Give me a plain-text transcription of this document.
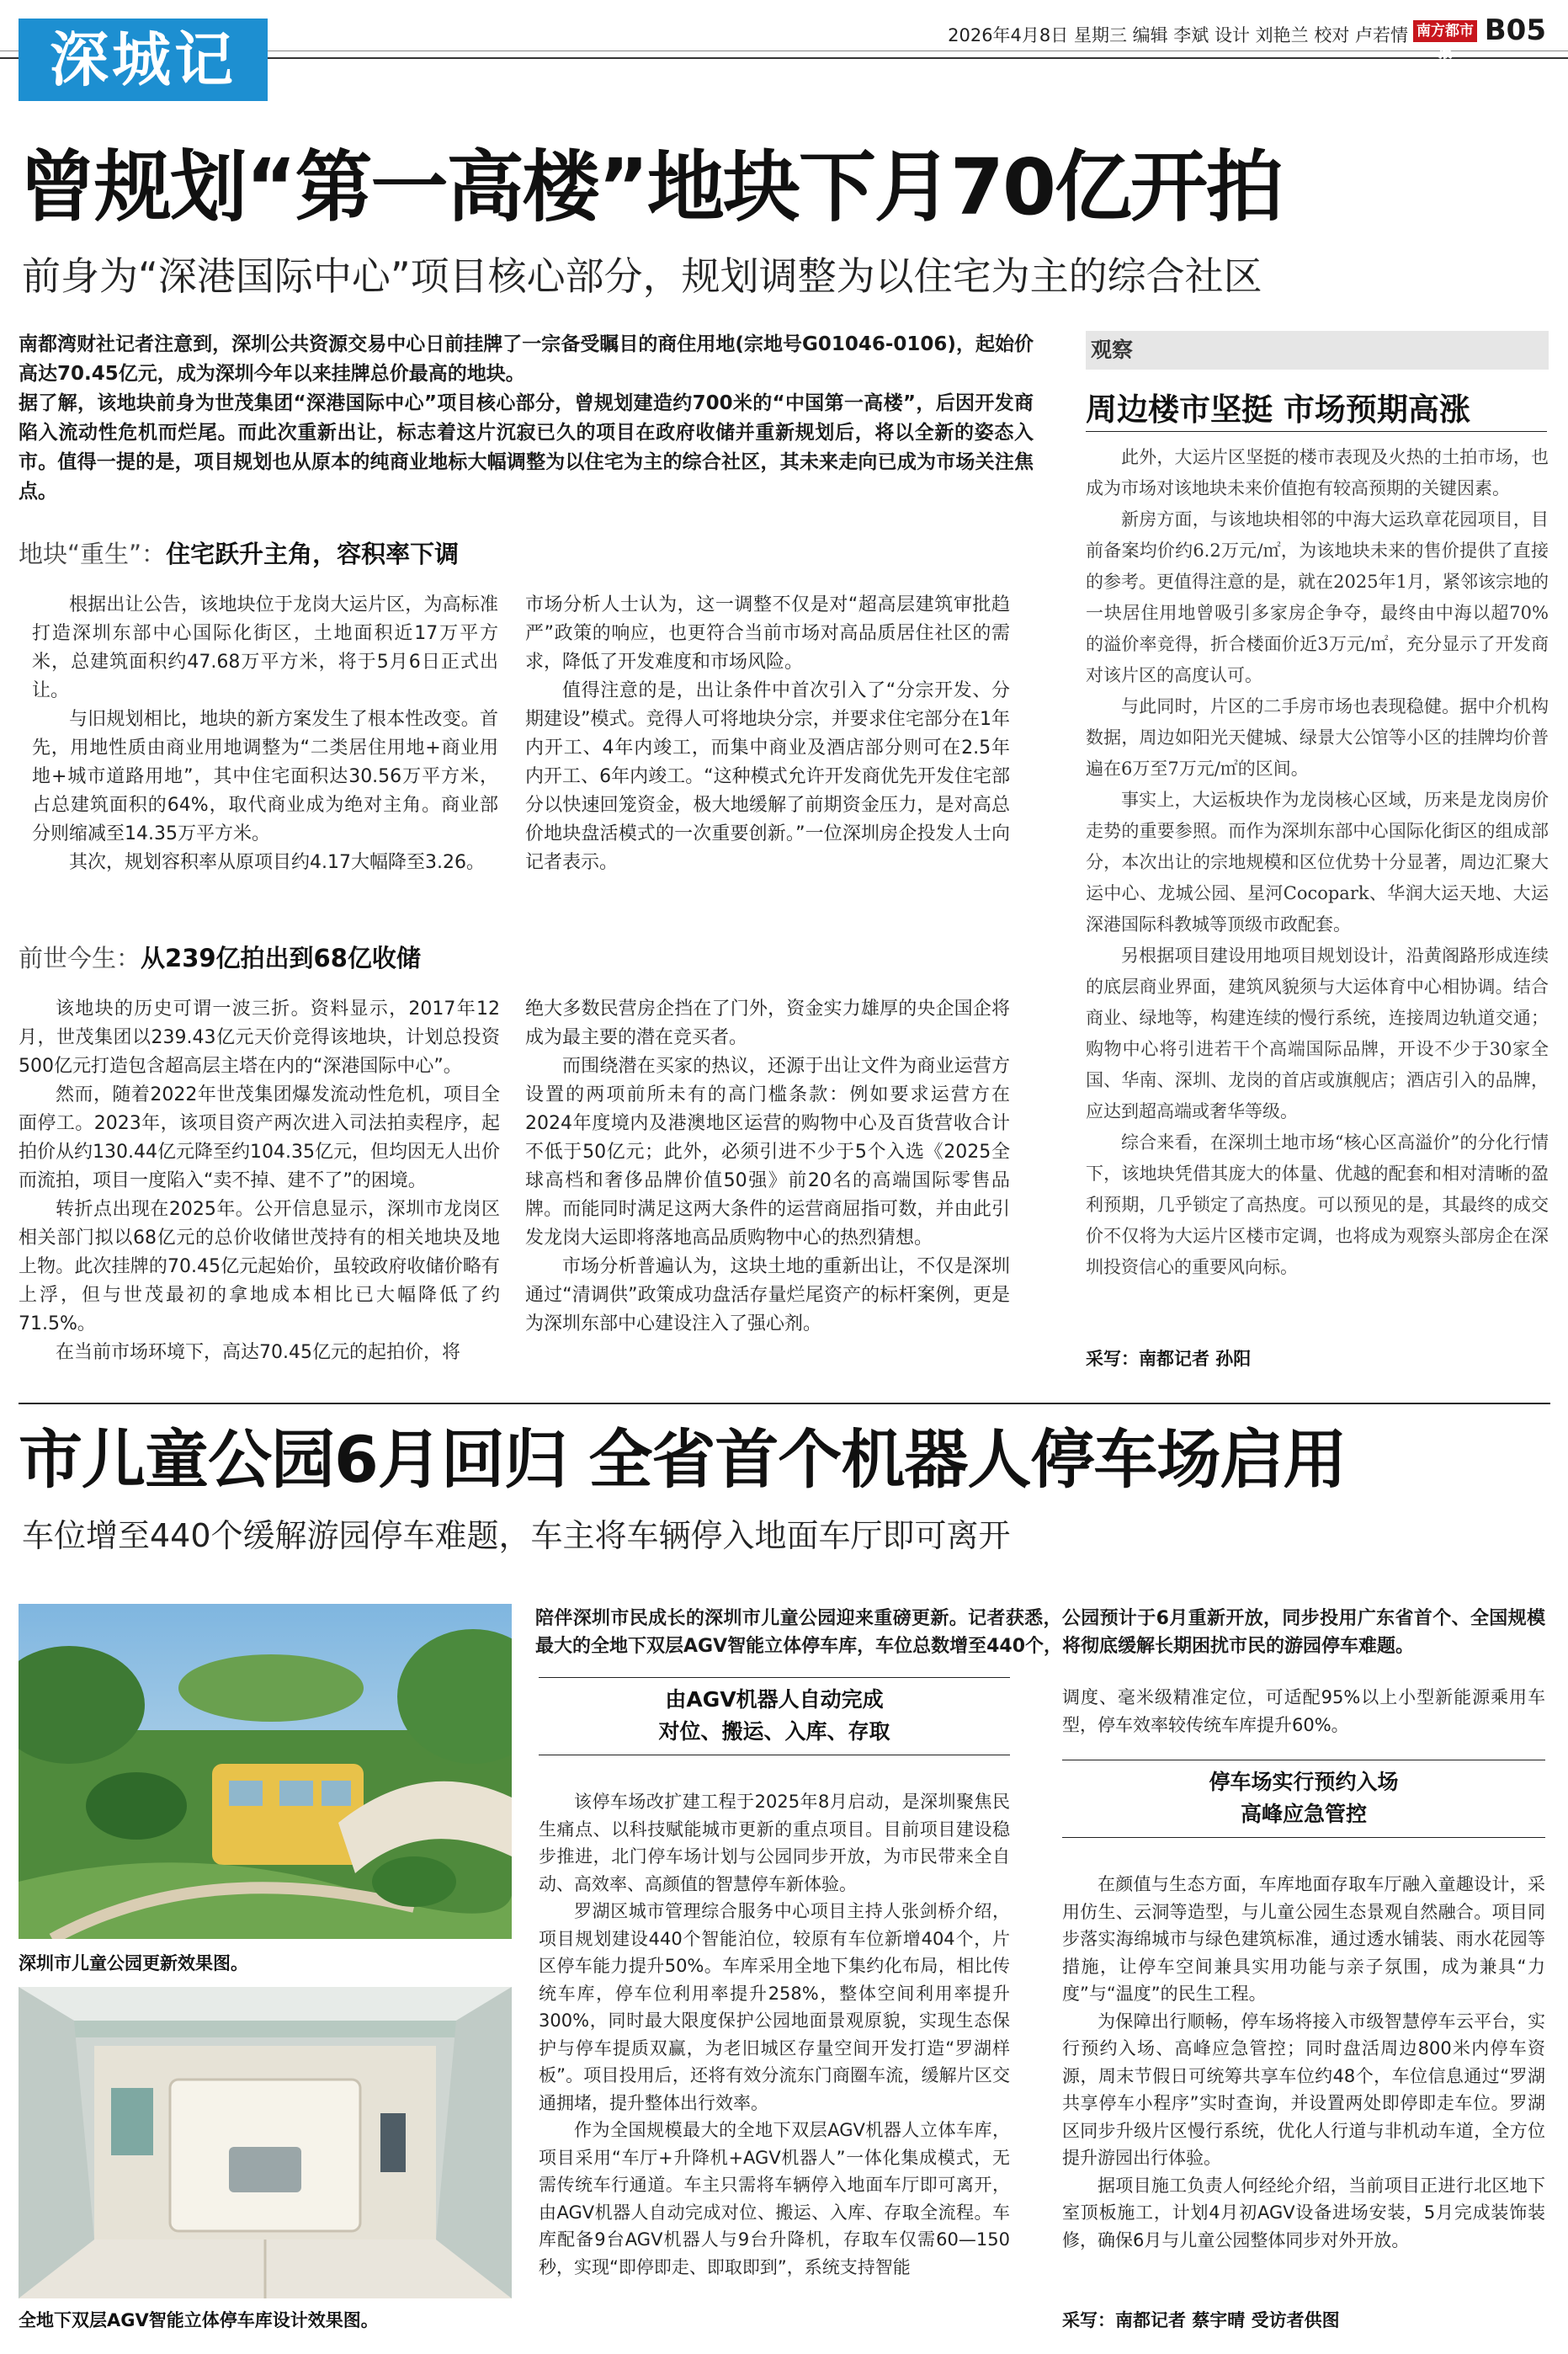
深城记	2026年4月8日 星期三 编辑 李斌 设计 刘艳兰 校对 卢若情 南方都市报
B05
曾规划“第一高楼”地块下月70亿开拍
前身为“深港国际中心”项目核心部分，规划调整为以住宅为主的综合社区

南都湾财社记者注意到，深圳公共资源交易中心日前挂牌了一宗备受瞩目的商住用地(宗地号G01046-0106)，起始价高达70.45亿元，成为深圳今年以来挂牌总价最高的地块。

据了解，该地块前身为世茂集团“深港国际中心”项目核心部分，曾规划建造约700米的“中国第一高楼”，后因开发商陷入流动性危机而烂尾。而此次重新出让，标志着这片沉寂已久的项目在政府收储并重新规划后，将以全新的姿态入市。值得一提的是，项目规划也从原本的纯商业地标大幅调整为以住宅为主的综合社区，其未来走向已成为市场关注焦点。

地块“重生”：住宅跃升主角，容积率下调

根据出让公告，该地块位于龙岗大运片区，为高标准打造深圳东部中心国际化街区，土地面积近17万平方米，总建筑面积约47.68万平方米，将于5月6日正式出让。

与旧规划相比，地块的新方案发生了根本性改变。首先，用地性质由商业用地调整为“二类居住用地+商业用地+城市道路用地”，其中住宅面积达30.56万平方米，占总建筑面积的64%，取代商业成为绝对主角。商业部分则缩减至14.35万平方米。

其次，规划容积率从原项目约4.17大幅降至3.26。

市场分析人士认为，这一调整不仅是对“超高层建筑审批趋严”政策的响应，也更符合当前市场对高品质居住社区的需求，降低了开发难度和市场风险。

值得注意的是，出让条件中首次引入了“分宗开发、分期建设”模式。竞得人可将地块分宗，并要求住宅部分在1年内开工、4年内竣工，而集中商业及酒店部分则可在2.5年内开工、6年内竣工。“这种模式允许开发商优先开发住宅部分以快速回笼资金，极大地缓解了前期资金压力，是对高总价地块盘活模式的一次重要创新。”一位深圳房企投发人士向记者表示。

前世今生：从239亿拍出到68亿收储

该地块的历史可谓一波三折。资料显示，2017年12月，世茂集团以239.43亿元天价竞得该地块，计划总投资500亿元打造包含超高层主塔在内的“深港国际中心”。

然而，随着2022年世茂集团爆发流动性危机，项目全面停工。2023年，该项目资产两次进入司法拍卖程序，起拍价从约130.44亿元降至约104.35亿元，但均因无人出价而流拍，项目一度陷入“卖不掉、建不了”的困境。

转折点出现在2025年。公开信息显示，深圳市龙岗区相关部门拟以68亿元的总价收储世茂持有的相关地块及地上物。此次挂牌的70.45亿元起始价，虽较政府收储价略有上浮，但与世茂最初的拿地成本相比已大幅降低了约71.5%。

在当前市场环境下，高达70.45亿元的起拍价，将

绝大多数民营房企挡在了门外，资金实力雄厚的央企国企将成为最主要的潜在竞买者。

而围绕潜在买家的热议，还源于出让文件为商业运营方设置的两项前所未有的高门槛条款：例如要求运营方在2024年度境内及港澳地区运营的购物中心及百货营收合计不低于50亿元；此外，必须引进不少于5个入选《2025全球高档和奢侈品牌价值50强》前20名的高端国际零售品牌。而能同时满足这两大条件的运营商屈指可数，并由此引发龙岗大运即将落地高品质购物中心的热烈猜想。

市场分析普遍认为，这块土地的重新出让，不仅是深圳通过“清调供”政策成功盘活存量烂尾资产的标杆案例，更是为深圳东部中心建设注入了强心剂。

观察
周边楼市坚挺 市场预期高涨

此外，大运片区坚挺的楼市表现及火热的土拍市场，也成为市场对该地块未来价值抱有较高预期的关键因素。

新房方面，与该地块相邻的中海大运玖章花园项目，目前备案均价约6.2万元/㎡，为该地块未来的售价提供了直接的参考。更值得注意的是，就在2025年1月，紧邻该宗地的一块居住用地曾吸引多家房企争夺，最终由中海以超70%的溢价率竞得，折合楼面价近3万元/㎡，充分显示了开发商对该片区的高度认可。

与此同时，片区的二手房市场也表现稳健。据中介机构数据，周边如阳光天健城、绿景大公馆等小区的挂牌均价普遍在6万至7万元/㎡的区间。

事实上，大运板块作为龙岗核心区域，历来是龙岗房价走势的重要参照。而作为深圳东部中心国际化街区的组成部分，本次出让的宗地规模和区位优势十分显著，周边汇聚大运中心、龙城公园、星河Cocopark、华润大运天地、大运深港国际科教城等顶级市政配套。

另根据项目建设用地项目规划设计，沿黄阁路形成连续的底层商业界面，建筑风貌须与大运体育中心相协调。结合商业、绿地等，构建连续的慢行系统，连接周边轨道交通；购物中心将引进若干个高端国际品牌，开设不少于30家全国、华南、深圳、龙岗的首店或旗舰店；酒店引入的品牌，应达到超高端或奢华等级。

综合来看，在深圳土地市场“核心区高溢价”的分化行情下，该地块凭借其庞大的体量、优越的配套和相对清晰的盈利预期，几乎锁定了高热度。可以预见的是，其最终的成交价不仅将为大运片区楼市定调，也将成为观察头部房企在深圳投资信心的重要风向标。

采写：南都记者 孙阳
市儿童公园6月回归 全省首个机器人停车场启用
车位增至440个缓解游园停车难题，车主将车辆停入地面车厅即可离开
深圳市儿童公园更新效果图。
全地下双层AGV智能立体停车库设计效果图。
陪伴深圳市民成长的深圳市儿童公园迎来重磅更新。记者获悉，公园预计于6月重新开放，同步投用广东省首个、全国规模最大的全地下双层AGV智能立体停车库，车位总数增至440个，将彻底缓解长期困扰市民的游园停车难题。
由AGV机器人自动完成
对位、搬运、入库、存取

该停车场改扩建工程于2025年8月启动，是深圳聚焦民生痛点、以科技赋能城市更新的重点项目。目前项目建设稳步推进，北门停车场计划与公园同步开放，为市民带来全自动、高效率、高颜值的智慧停车新体验。

罗湖区城市管理综合服务中心项目主持人张剑桥介绍，项目规划建设440个智能泊位，较原有车位新增404个，片区停车能力提升50%。车库采用全地下集约化布局，相比传统车库，停车位利用率提升258%，整体空间利用率提升300%，同时最大限度保护公园地面景观原貌，实现生态保护与停车提质双赢，为老旧城区存量空间开发打造“罗湖样板”。项目投用后，还将有效分流东门商圈车流，缓解片区交通拥堵，提升整体出行效率。

作为全国规模最大的全地下双层AGV机器人立体车库，项目采用“车厅+升降机+AGV机器人”一体化集成模式，无需传统车行通道。车主只需将车辆停入地面车厅即可离开，由AGV机器人自动完成对位、搬运、入库、存取全流程。车库配备9台AGV机器人与9台升降机，存取车仅需60—150秒，实现“即停即走、即取即到”，系统支持智能

调度、毫米级精准定位，可适配95%以上小型新能源乘用车型，停车效率较传统车库提升60%。

停车场实行预约入场
高峰应急管控

在颜值与生态方面，车库地面存取车厅融入童趣设计，采用仿生、云洞等造型，与儿童公园生态景观自然融合。项目同步落实海绵城市与绿色建筑标准，通过透水铺装、雨水花园等措施，让停车空间兼具实用功能与亲子氛围，成为兼具“力度”与“温度”的民生工程。

为保障出行顺畅，停车场将接入市级智慧停车云平台，实行预约入场、高峰应急管控；同时盘活周边800米内停车资源，周末节假日可统筹共享车位约48个，车位信息通过“罗湖共享停车小程序”实时查询，并设置两处即停即走车位。罗湖区同步升级片区慢行系统，优化人行道与非机动车道，全方位提升游园出行体验。

据项目施工负责人何经纶介绍，当前项目正进行北区地下室顶板施工，计划4月初AGV设备进场安装，5月完成装饰装修，确保6月与儿童公园整体同步对外开放。

采写：南都记者 蔡宇晴 受访者供图
